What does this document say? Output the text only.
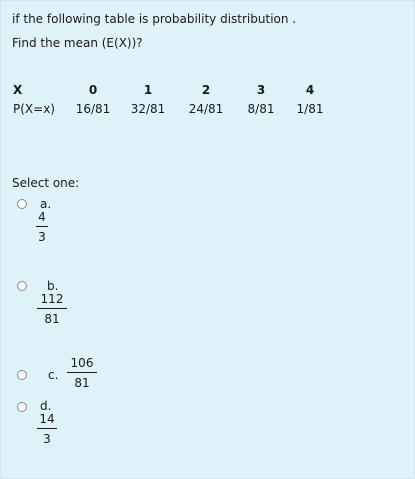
if the following table is probability distribution .
Find the mean (E(X))?
X	0	1	2	3	4
P(X=x) 16/81 32/81 24/81	8/81	1/81
Select one:
a.
4
3
b.
112
81
c.
106
81
d.
14
3
